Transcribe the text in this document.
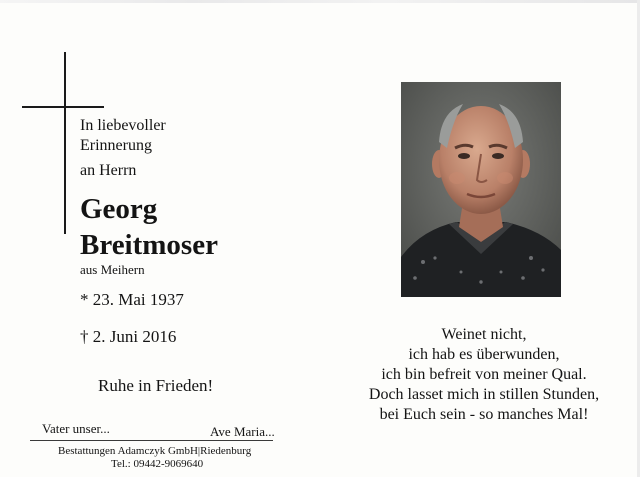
In liebevoller
Erinnerung
an Herrn
Georg
Breitmoser
aus Meihern
* 23. Mai 1937
† 2. Juni 2016
Ruhe in Frieden!
Vater unser...	Ave Maria...
Bestattungen Adamczyk GmbH|Riedenburg
Tel.: 09442-9069640
Weinet nicht,
ich hab es überwunden,
ich bin befreit von meiner Qual.
Doch lasset mich in stillen Stunden,
bei Euch sein - so manches Mal!
